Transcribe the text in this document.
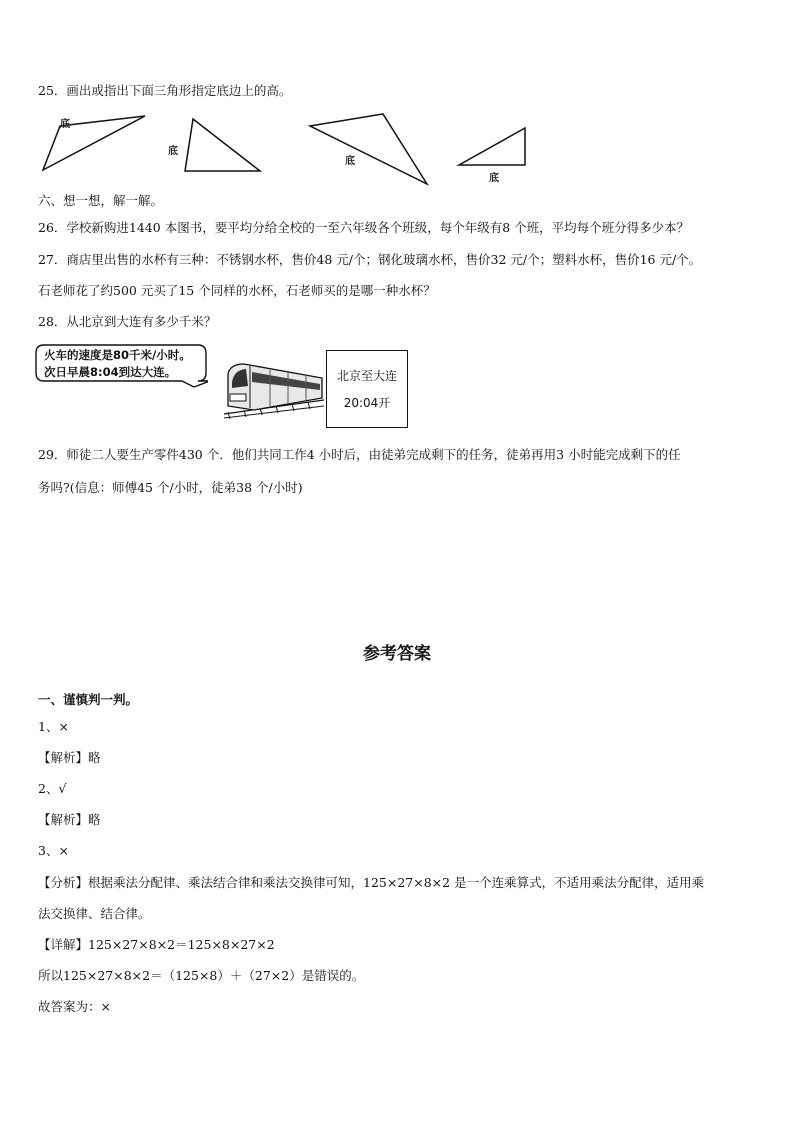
25．画出或指出下面三角形指定底边上的高。
底
底
底
底
六、想一想，解一解。
26．学校新购进1440 本图书，要平均分给全校的一至六年级各个班级，每个年级有8 个班，平均每个班分得多少本？
27．商店里出售的水杯有三种：不锈钢水杯，售价48 元/个；钢化玻璃水杯，售价32 元/个；塑料水杯，售价16 元/个。
石老师花了约500 元买了15 个同样的水杯，石老师买的是哪一种水杯？
28．从北京到大连有多少千米？
火车的速度是80千米/小时。
次日早晨8:04到达大连。	北京至大连
20:04开
29．师徒二人要生产零件430 个．他们共同工作4 小时后，由徒弟完成剩下的任务，徒弟再用3 小时能完成剩下的任
务吗?(信息：师傅45 个/小时，徒弟38 个/小时)
参考答案
一、谨慎判一判。
1、×
【解析】略
2、√
【解析】略
3、×
【分析】根据乘法分配律、乘法结合律和乘法交换律可知，125×27×8×2 是一个连乘算式，不适用乘法分配律，适用乘
法交换律、结合律。
【详解】125×27×8×2＝125×8×27×2
所以125×27×8×2＝（125×8）＋（27×2）是错误的。
故答案为：×
